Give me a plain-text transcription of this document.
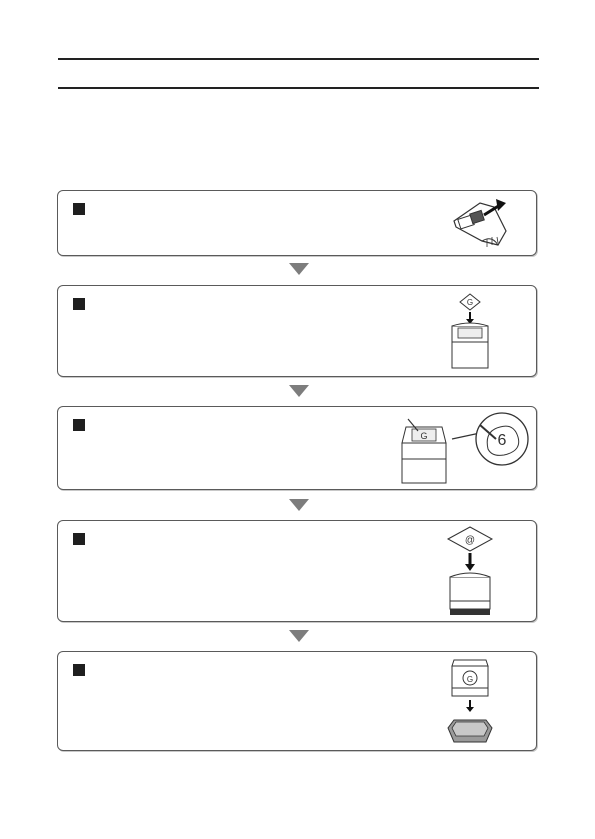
G
G	6
@
G
